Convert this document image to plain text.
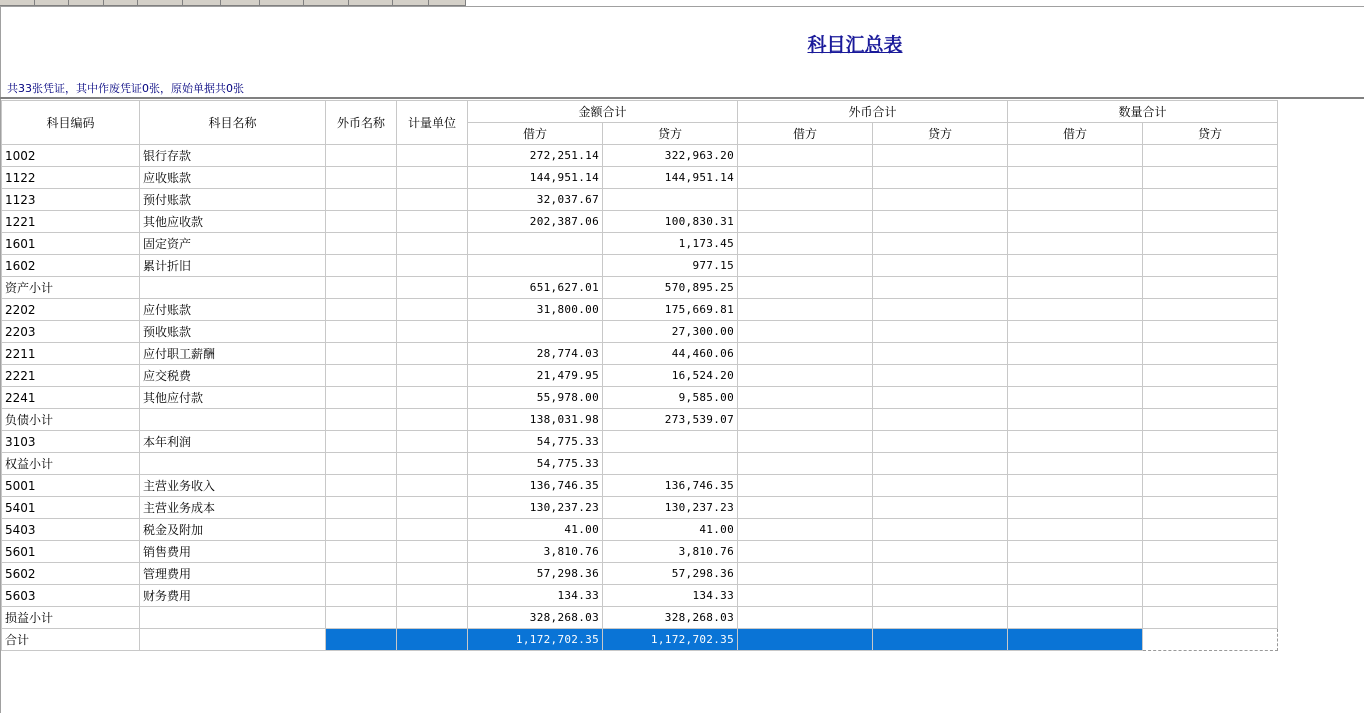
科目汇总表
共33张凭证，其中作废凭证0张，原始单据共0张
科目编码	科目名称	外币名称	计量单位	金额合计		外币合计		数量合计	
				借方	贷方	借方	贷方	借方	贷方
1002	银行存款			272,251.14	322,963.20				
1122	应收账款			144,951.14	144,951.14				
1123	预付账款			32,037.67					
1221	其他应收款			202,387.06	100,830.31				
1601	固定资产				1,173.45				
1602	累计折旧				977.15				
资产小计				651,627.01	570,895.25				
2202	应付账款			31,800.00	175,669.81				
2203	预收账款				27,300.00				
2211	应付职工薪酬			28,774.03	44,460.06				
2221	应交税费			21,479.95	16,524.20				
2241	其他应付款			55,978.00	9,585.00				
负债小计				138,031.98	273,539.07				
3103	本年利润			54,775.33					
权益小计				54,775.33					
5001	主营业务收入			136,746.35	136,746.35				
5401	主营业务成本			130,237.23	130,237.23				
5403	税金及附加			41.00	41.00				
5601	销售费用			3,810.76	3,810.76				
5602	管理费用			57,298.36	57,298.36				
5603	财务费用			134.33	134.33				
损益小计				328,268.03	328,268.03				
合计				1,172,702.35	1,172,702.35				
